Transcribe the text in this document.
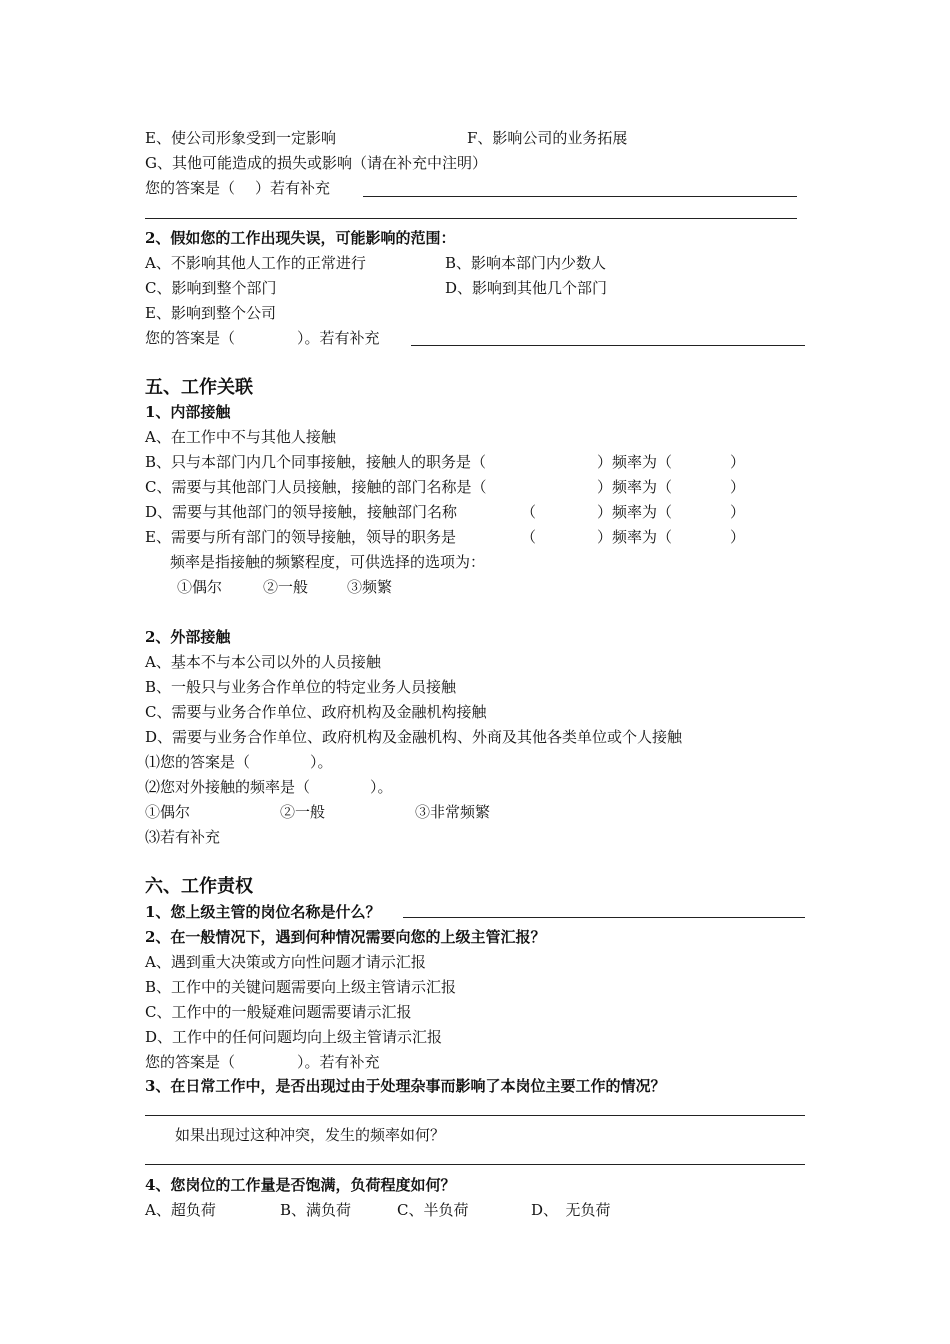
E、使公司形象受到一定影响	F、影响公司的业务拓展
G、其他可能造成的损失或影响（请在补充中注明）
您的答案是（ ）若有补充
2、假如您的工作出现失误，可能影响的范围：
A、不影响其他人工作的正常进行	B、影响本部门内少数人
C、影响到整个部门	D、影响到其他几个部门
E、影响到整个公司
您的答案是（	）。若有补充
五、工作关联
1、内部接触
A、在工作中不与其他人接触
B、只与本部门内几个同事接触，接触人的职务是（	）频率为（	）
C、需要与其他部门人员接触，接触的部门名称是（	）频率为（	）
D、需要与其他部门的领导接触，接触部门名称	（	）频率为（	）
E、需要与所有部门的领导接触，领导的职务是	（	）频率为（	）
频率是指接触的频繁程度，可供选择的选项为：
①偶尔	②一般	③频繁
2、外部接触
A、基本不与本公司以外的人员接触
B、一般只与业务合作单位的特定业务人员接触
C、需要与业务合作单位、政府机构及金融机构接触
D、需要与业务合作单位、政府机构及金融机构、外商及其他各类单位或个人接触
⑴您的答案是（	）。
⑵您对外接触的频率是（	）。
①偶尔	②一般	③非常频繁
⑶若有补充
六、工作责权
1、您上级主管的岗位名称是什么？
2、在一般情况下，遇到何种情况需要向您的上级主管汇报？
A、遇到重大决策或方向性问题才请示汇报
B、工作中的关键问题需要向上级主管请示汇报
C、工作中的一般疑难问题需要请示汇报
D、工作中的任何问题均向上级主管请示汇报
您的答案是（	）。若有补充
3、在日常工作中，是否出现过由于处理杂事而影响了本岗位主要工作的情况？
如果出现过这种冲突，发生的频率如何？
4、您岗位的工作量是否饱满，负荷程度如何？
A、超负荷	B、满负荷	C、半负荷	D、　无负荷
